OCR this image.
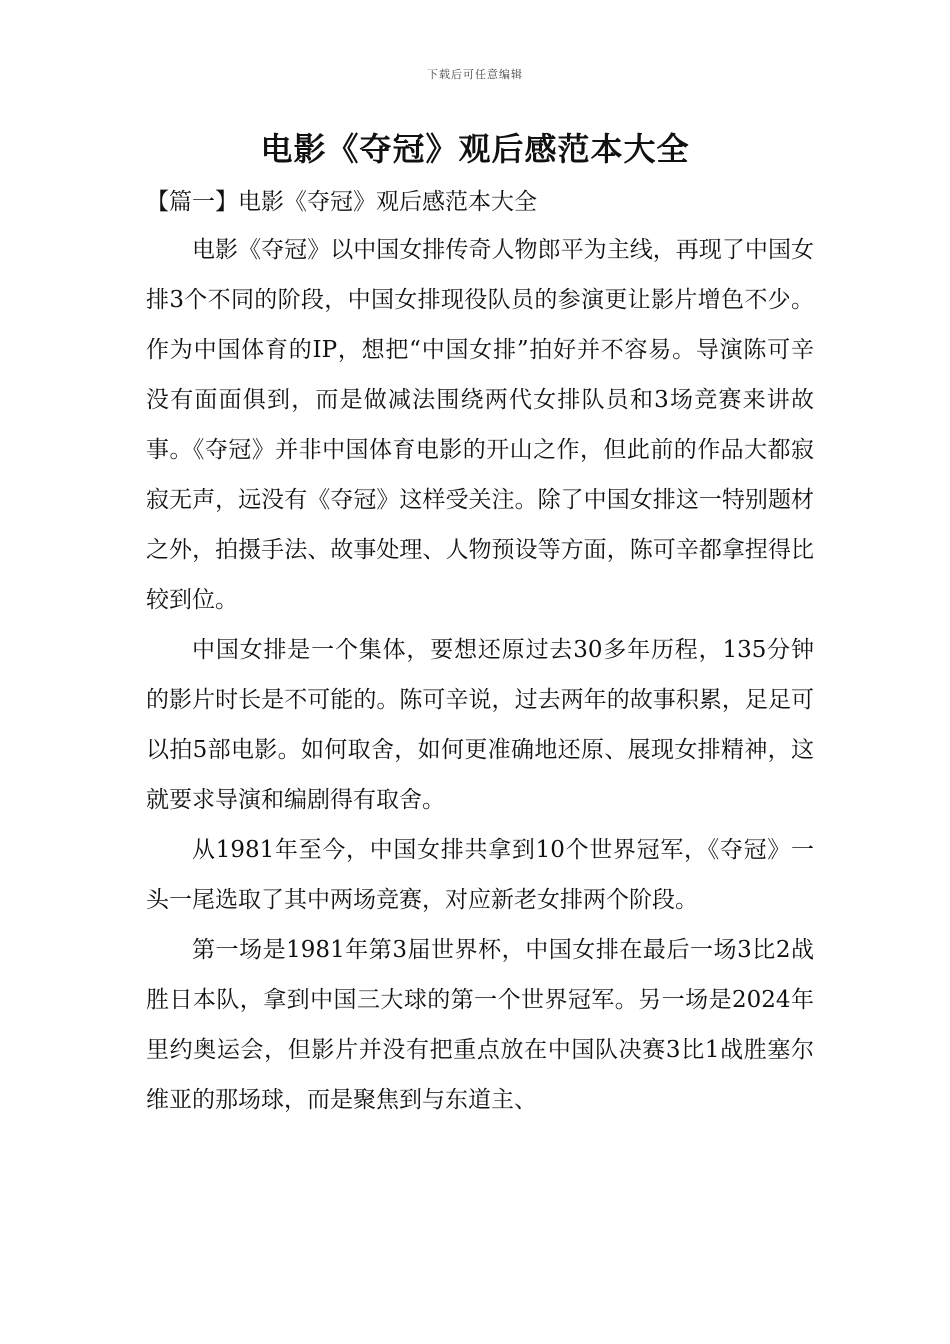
下载后可任意编辑
电影《夺冠》观后感范本大全
【篇一】电影《夺冠》观后感范本大全

电影《夺冠》以中国女排传奇人物郎平为主线，再现了中国女排3个不同的阶段，中国女排现役队员的参演更让影片增色不少。作为中国体育的IP，想把“中国女排”拍好并不容易。导演陈可辛没有面面俱到，而是做减法围绕两代女排队员和3场竞赛来讲故事。《夺冠》并非中国体育电影的开山之作，但此前的作品大都寂寂无声，远没有《夺冠》这样受关注。除了中国女排这一特别题材之外，拍摄手法、故事处理、人物预设等方面，陈可辛都拿捏得比较到位。

中国女排是一个集体，要想还原过去30多年历程，135分钟的影片时长是不可能的。陈可辛说，过去两年的故事积累，足足可以拍5部电影。如何取舍，如何更准确地还原、展现女排精神，这就要求导演和编剧得有取舍。

从1981年至今，中国女排共拿到10个世界冠军，《夺冠》一头一尾选取了其中两场竞赛，对应新老女排两个阶段。

第一场是1981年第3届世界杯，中国女排在最后一场3比2战胜日本队，拿到中国三大球的第一个世界冠军。另一场是2024年里约奥运会，但影片并没有把重点放在中国队决赛3比1战胜塞尔维亚的那场球，而是聚焦到与东道主、
